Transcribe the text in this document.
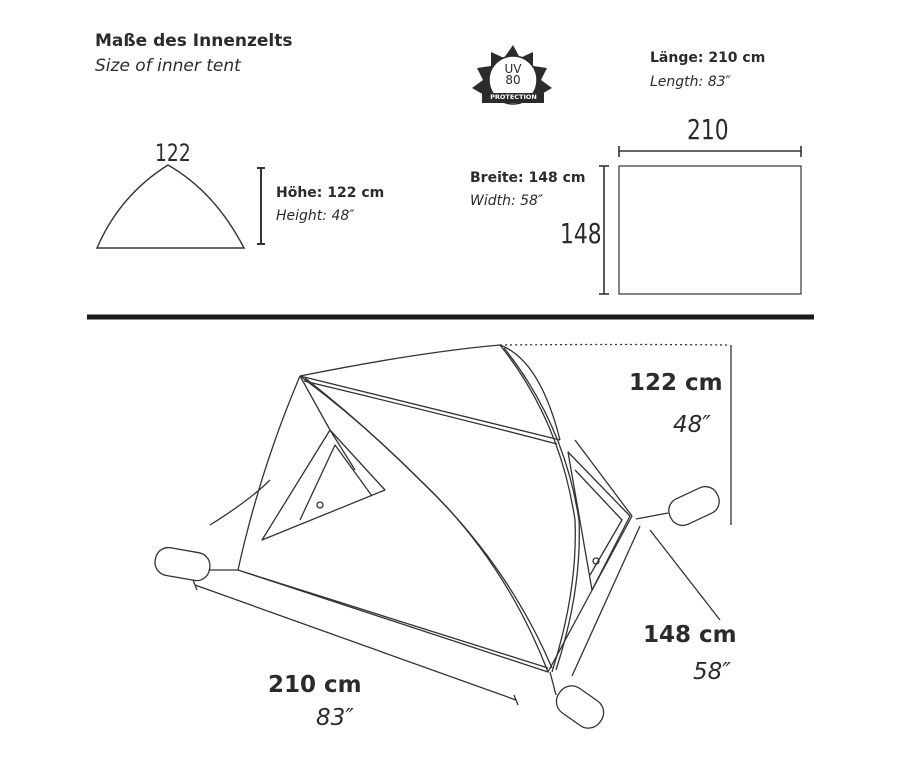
Maße des Innenzelts
Size of inner tent	UV
80
PROTECTION
122
Höhe: 122 cm
Height: 48″
Länge: 210 cm
Length: 83″
210
Breite: 148 cm
Width: 58″
148
122 cm
48″
148 cm
58″
210 cm
83″
